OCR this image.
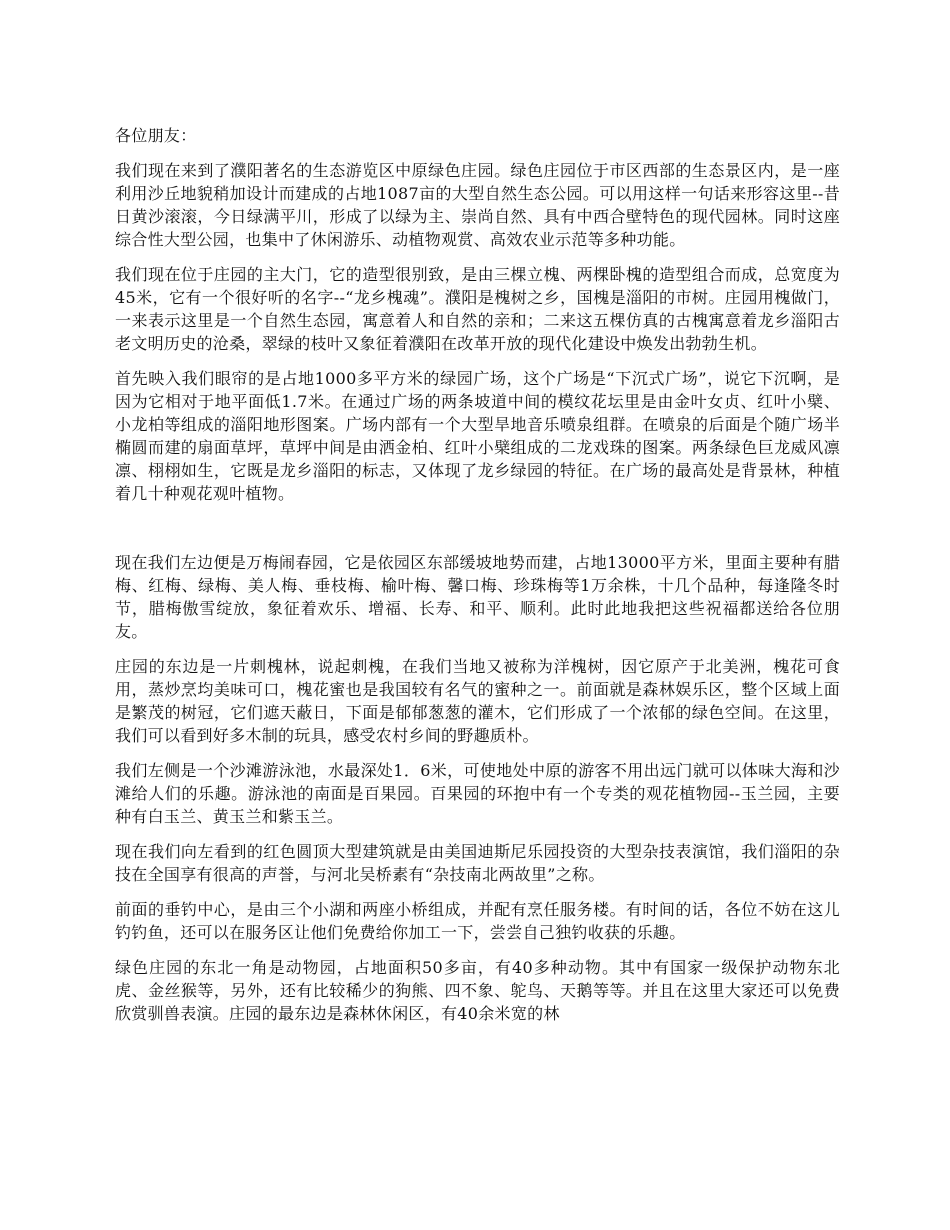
各位朋友：

我们现在来到了濮阳著名的生态游览区中原绿色庄园。绿色庄园位于市区西部的生态景区内，是一座利用沙丘地貌稍加设计而建成的占地1087亩的大型自然生态公园。可以用这样一句话来形容这里--昔日黄沙滚滚，今日绿满平川，形成了以绿为主、崇尚自然、具有中西合壁特色的现代园林。同时这座综合性大型公园，也集中了休闲游乐、动植物观赏、高效农业示范等多种功能。

我们现在位于庄园的主大门，它的造型很别致，是由三棵立槐、两棵卧槐的造型组合而成，总宽度为45米，它有一个很好听的名字--“龙乡槐魂”。濮阳是槐树之乡，国槐是淄阳的市树。庄园用槐做门，一来表示这里是一个自然生态园，寓意着人和自然的亲和；二来这五棵仿真的古槐寓意着龙乡淄阳古老文明历史的沧桑，翠绿的枝叶又象征着濮阳在改革开放的现代化建设中焕发出勃勃生机。

首先映入我们眼帘的是占地1000多平方米的绿园广场，这个广场是“下沉式广场”，说它下沉啊，是因为它相对于地平面低1.7米。在通过广场的两条坡道中间的模纹花坛里是由金叶女贞、红叶小檗、小龙柏等组成的淄阳地形图案。广场内部有一个大型旱地音乐喷泉组群。在喷泉的后面是个随广场半椭圆而建的扇面草坪，草坪中间是由洒金柏、红叶小檗组成的二龙戏珠的图案。两条绿色巨龙威风凛凛、栩栩如生，它既是龙乡淄阳的标志，又体现了龙乡绿园的特征。在广场的最高处是背景林，种植着几十种观花观叶植物。

现在我们左边便是万梅闹春园，它是依园区东部缓坡地势而建，占地13000平方米，里面主要种有腊梅、红梅、绿梅、美人梅、垂枝梅、榆叶梅、馨口梅、珍珠梅等1万余株，十几个品种，每逢隆冬时节，腊梅傲雪绽放，象征着欢乐、增福、长寿、和平、顺利。此时此地我把这些祝福都送给各位朋友。

庄园的东边是一片刺槐林，说起刺槐，在我们当地又被称为洋槐树，因它原产于北美洲，槐花可食用，蒸炒烹均美味可口，槐花蜜也是我国较有名气的蜜种之一。前面就是森林娱乐区，整个区域上面是繁茂的树冠，它们遮天蔽日，下面是郁郁葱葱的灌木，它们形成了一个浓郁的绿色空间。在这里，我们可以看到好多木制的玩具，感受农村乡间的野趣质朴。

我们左侧是一个沙滩游泳池，水最深处1．6米，可使地处中原的游客不用出远门就可以体味大海和沙滩给人们的乐趣。游泳池的南面是百果园。百果园的环抱中有一个专类的观花植物园--玉兰园，主要种有白玉兰、黄玉兰和紫玉兰。

现在我们向左看到的红色圆顶大型建筑就是由美国迪斯尼乐园投资的大型杂技表演馆，我们淄阳的杂技在全国享有很高的声誉，与河北吴桥素有“杂技南北两故里”之称。

前面的垂钓中心，是由三个小湖和两座小桥组成，并配有烹任服务楼。有时间的话，各位不妨在这儿钓钓鱼，还可以在服务区让他们免费给你加工一下，尝尝自己独钓收获的乐趣。

绿色庄园的东北一角是动物园，占地面积50多亩，有40多种动物。其中有国家一级保护动物东北虎、金丝猴等，另外，还有比较稀少的狗熊、四不象、鸵鸟、天鹅等等。并且在这里大家还可以免费欣赏驯兽表演。庄园的最东边是森林休闲区，有40余米宽的林
